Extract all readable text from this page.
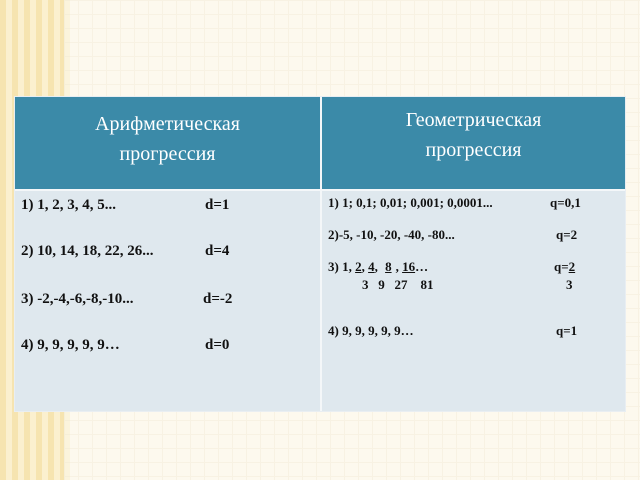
Арифметическая
прогрессия
Геометрическая
прогрессия
1) 1, 2, 3, 4, 5...	d=1
2) 10, 14, 18, 22, 26...	d=4
3) -2,-4,-6,-8,-10...	d=-2
4) 9, 9, 9, 9, 9…	d=0
1) 1; 0,1; 0,01; 0,001; 0,0001...	q=0,1
2)-5, -10, -20, -40, -80...	q=2
3) 1, 2, 4, 8 , 16…	q=2
3 9 27 81	3
4) 9, 9, 9, 9, 9…	q=1
